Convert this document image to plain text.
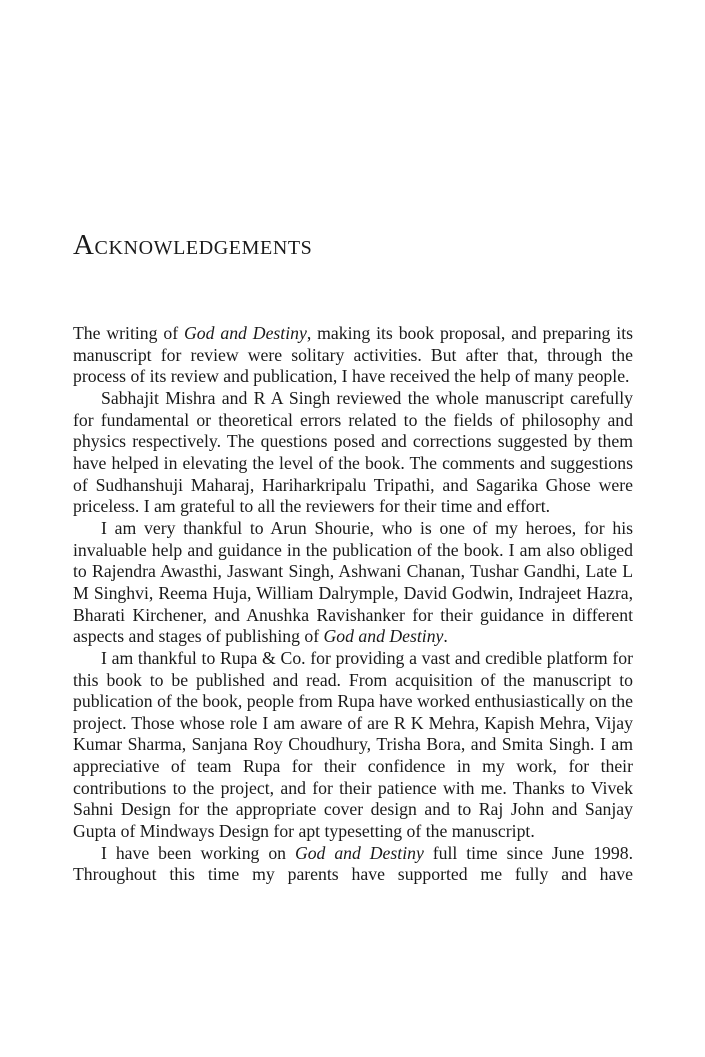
Acknowledgements

The writing of God and Destiny, making its book proposal, and preparing its manuscript for review were solitary activities. But after that, through the process of its review and publication, I have received the help of many people.

Sabhajit Mishra and R A Singh reviewed the whole manuscript carefully for fundamental or theoretical errors related to the fields of philosophy and physics respectively. The questions posed and corrections suggested by them have helped in elevating the level of the book. The comments and suggestions of Sudhanshuji Maharaj, Hariharkripalu Tripathi, and Sagarika Ghose were priceless. I am grateful to all the reviewers for their time and effort.

I am very thankful to Arun Shourie, who is one of my heroes, for his invaluable help and guidance in the publication of the book. I am also obliged to Rajendra Awasthi, Jaswant Singh, Ashwani Chanan, Tushar Gandhi, Late L M Singhvi, Reema Huja, William Dalrymple, David Godwin, Indrajeet Hazra, Bharati Kirchener, and Anushka Ravishanker for their guidance in different aspects and stages of publishing of God and Destiny.

I am thankful to Rupa & Co. for providing a vast and credible platform for this book to be published and read. From acquisition of the manuscript to publication of the book, people from Rupa have worked enthusiastically on the project. Those whose role I am aware of are R K Mehra, Kapish Mehra, Vijay Kumar Sharma, Sanjana Roy Choudhury, Trisha Bora, and Smita Singh. I am appreciative of team Rupa for their confidence in my work, for their contributions to the project, and for their patience with me. Thanks to Vivek Sahni Design for the appropriate cover design and to Raj John and Sanjay Gupta of Mindways Design for apt typesetting of the manuscript.

I have been working on God and Destiny full time since June 1998. Throughout this time my parents have supported me fully and have
